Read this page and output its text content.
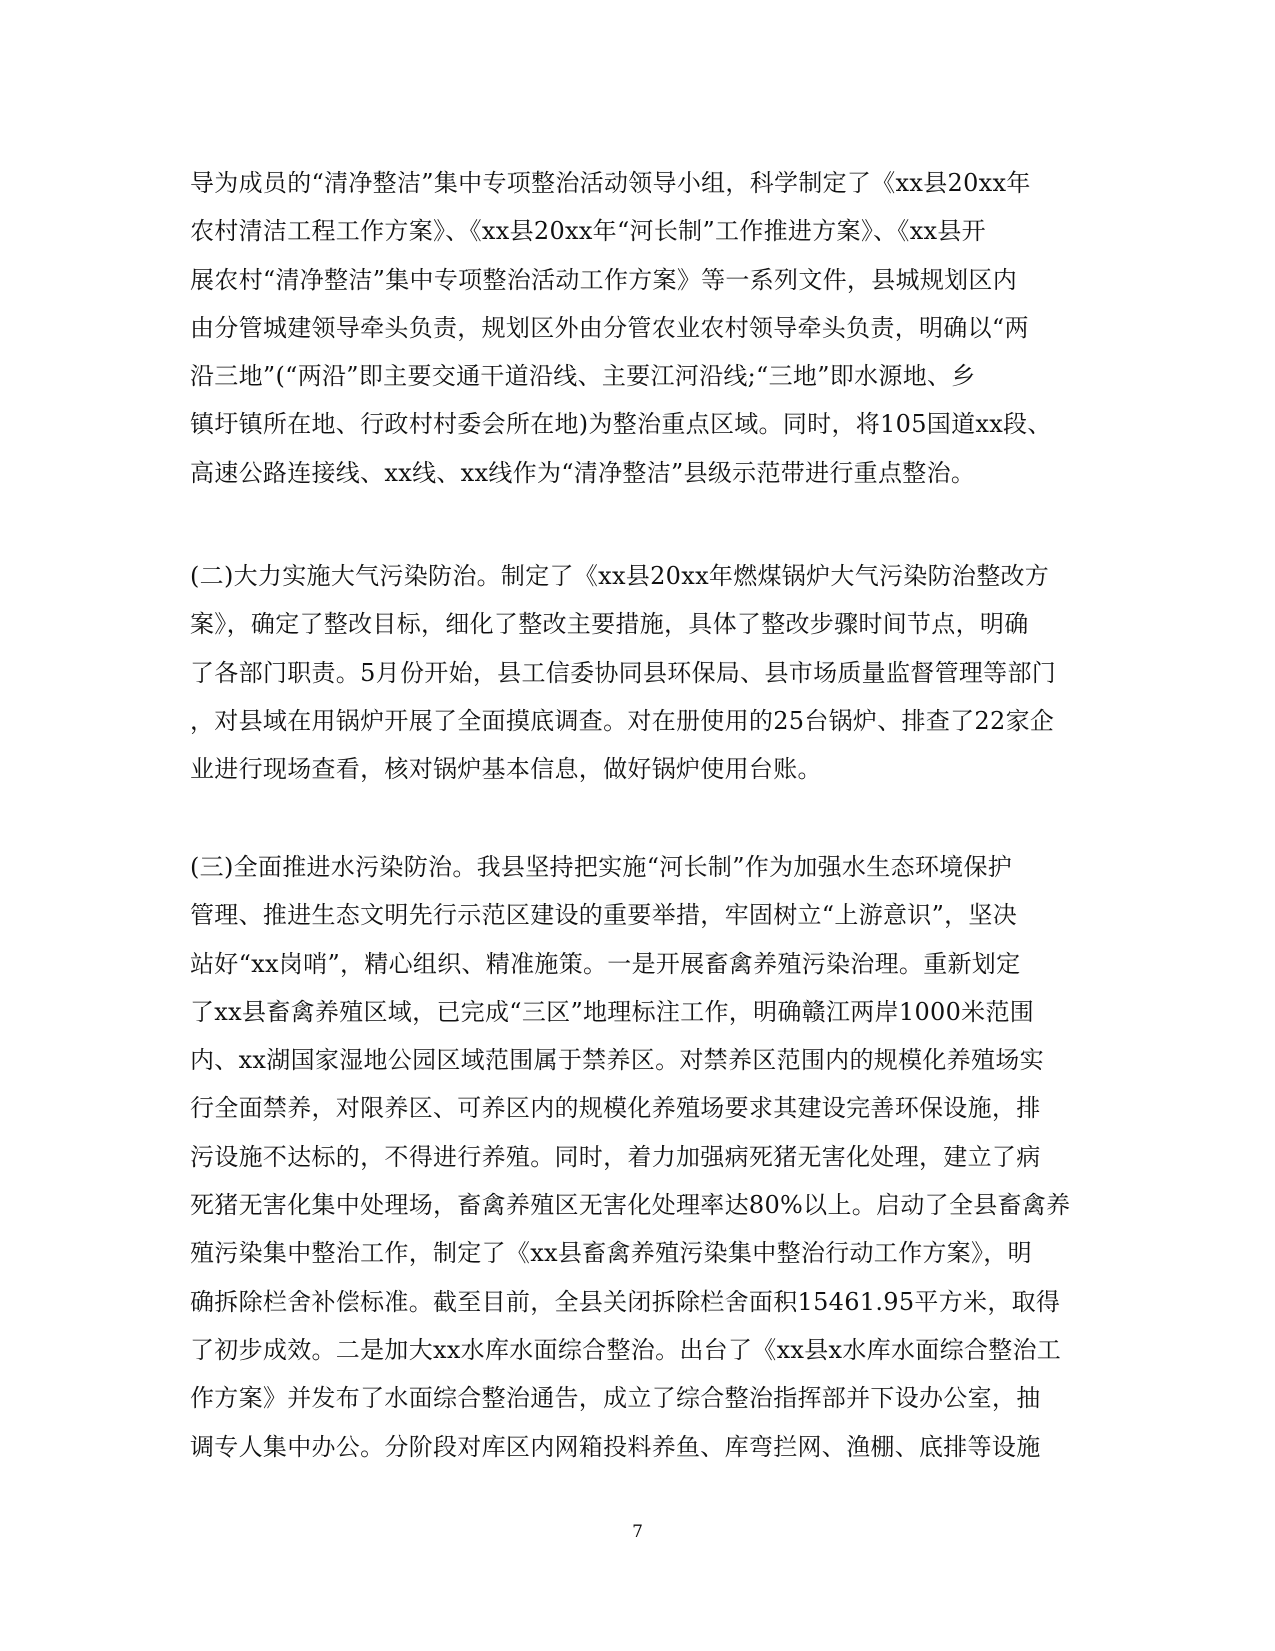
导为成员的“清净整洁”集中专项整治活动领导小组，科学制定了《xx县20xx年
农村清洁工程工作方案》、《xx县20xx年“河长制”工作推进方案》、《xx县开
展农村“清净整洁”集中专项整治活动工作方案》等一系列文件，县城规划区内
由分管城建领导牵头负责，规划区外由分管农业农村领导牵头负责，明确以“两
沿三地”(“两沿”即主要交通干道沿线、主要江河沿线;“三地”即水源地、乡
镇圩镇所在地、行政村村委会所在地)为整治重点区域。同时，将105国道xx段、
高速公路连接线、xx线、xx线作为“清净整洁”县级示范带进行重点整治。
(二)大力实施大气污染防治。制定了《xx县20xx年燃煤锅炉大气污染防治整改方
案》，确定了整改目标，细化了整改主要措施，具体了整改步骤时间节点，明确
了各部门职责。5月份开始，县工信委协同县环保局、县市场质量监督管理等部门
，对县域在用锅炉开展了全面摸底调查。对在册使用的25台锅炉、排查了22家企
业进行现场查看，核对锅炉基本信息，做好锅炉使用台账。
(三)全面推进水污染防治。我县坚持把实施“河长制”作为加强水生态环境保护
管理、推进生态文明先行示范区建设的重要举措，牢固树立“上游意识”，坚决
站好“xx岗哨”，精心组织、精准施策。一是开展畜禽养殖污染治理。重新划定
了xx县畜禽养殖区域，已完成“三区”地理标注工作，明确赣江两岸1000米范围
内、xx湖国家湿地公园区域范围属于禁养区。对禁养区范围内的规模化养殖场实
行全面禁养，对限养区、可养区内的规模化养殖场要求其建设完善环保设施，排
污设施不达标的，不得进行养殖。同时，着力加强病死猪无害化处理，建立了病
死猪无害化集中处理场，畜禽养殖区无害化处理率达80%以上。启动了全县畜禽养
殖污染集中整治工作，制定了《xx县畜禽养殖污染集中整治行动工作方案》，明
确拆除栏舍补偿标准。截至目前，全县关闭拆除栏舍面积15461.95平方米，取得
了初步成效。二是加大xx水库水面综合整治。出台了《xx县x水库水面综合整治工
作方案》并发布了水面综合整治通告，成立了综合整治指挥部并下设办公室，抽
调专人集中办公。分阶段对库区内网箱投料养鱼、库弯拦网、渔棚、底排等设施
7
